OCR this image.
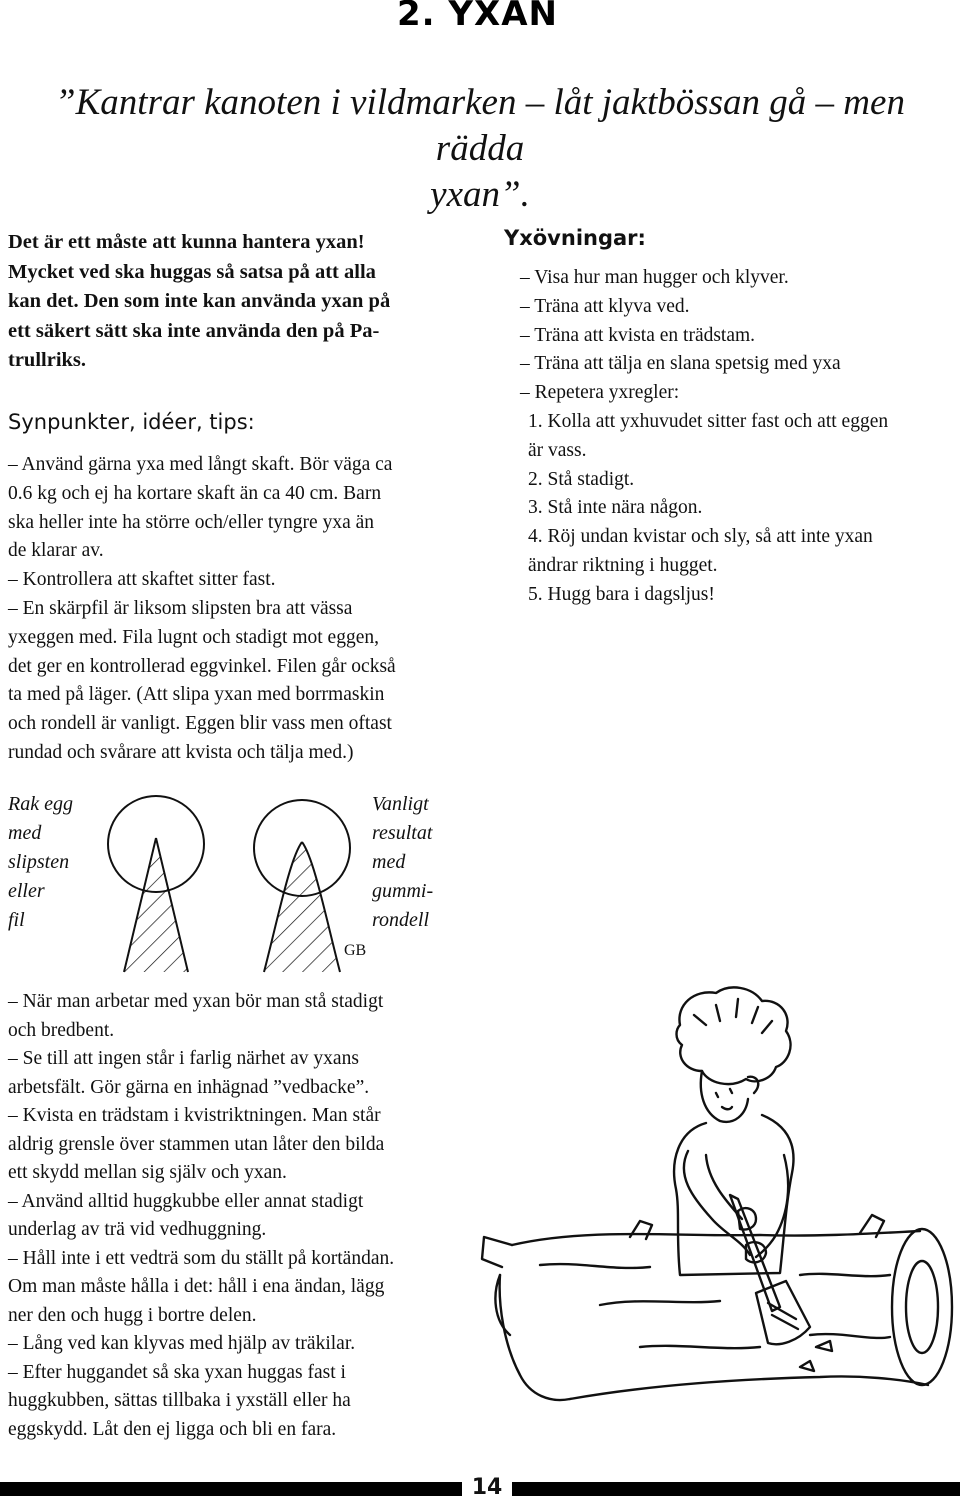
2. YXAN
”Kantrar kanoten i vildmarken – låt jaktbössan gå – men rädda
yxan”.
Det är ett måste att kunna hantera yxan!
Mycket ved ska huggas så satsa på att alla
kan det. Den som inte kan använda yxan på
ett säkert sätt ska inte använda den på Pa-
trullriks.
Synpunkter, idéer, tips:
– Använd gärna yxa med långt skaft. Bör väga ca
0.6 kg och ej ha kortare skaft än ca 40 cm. Barn
ska heller inte ha större och/eller tyngre yxa än
de klarar av.
– Kontrollera att skaftet sitter fast.
– En skärpfil är liksom slipsten bra att vässa
yxeggen med. Fila lugnt och stadigt mot eggen,
det ger en kontrollerad eggvinkel. Filen går också
ta med på läger. (Att slipa yxan med borrmaskin
och rondell är vanligt. Eggen blir vass men oftast
rundad och svårare att kvista och tälja med.)
Yxövningar:
– Visa hur man hugger och klyver.
– Träna att klyva ved.
– Träna att kvista en trädstam.
– Träna att tälja en slana spetsig med yxa
– Repetera yxregler:
1. Kolla att yxhuvudet sitter fast och att eggen
är vass.
2. Stå stadigt.
3. Stå inte nära någon.
4. Röj undan kvistar och sly, så att inte yxan
ändrar riktning i hugget.
5. Hugg bara i dagsljus!
Rak egg
med
slipsten
eller
fil
Vanligt
resultat
med
gummi-
rondell
GB
– När man arbetar med yxan bör man stå stadigt
och bredbent.
– Se till att ingen står i farlig närhet av yxans
arbetsfält. Gör gärna en inhägnad ”vedbacke”.
– Kvista en trädstam i kvistriktningen. Man står
aldrig grensle över stammen utan låter den bilda
ett skydd mellan sig själv och yxan.
– Använd alltid huggkubbe eller annat stadigt
underlag av trä vid vedhuggning.
– Håll inte i ett vedträ som du ställt på kortändan.
Om man måste hålla i det: håll i ena ändan, lägg
ner den och hugg i bortre delen.
– Lång ved kan klyvas med hjälp av träkilar.
– Efter huggandet så ska yxan huggas fast i
huggkubben, sättas tillbaka i yxställ eller ha
eggskydd. Låt den ej ligga och bli en fara.
14
